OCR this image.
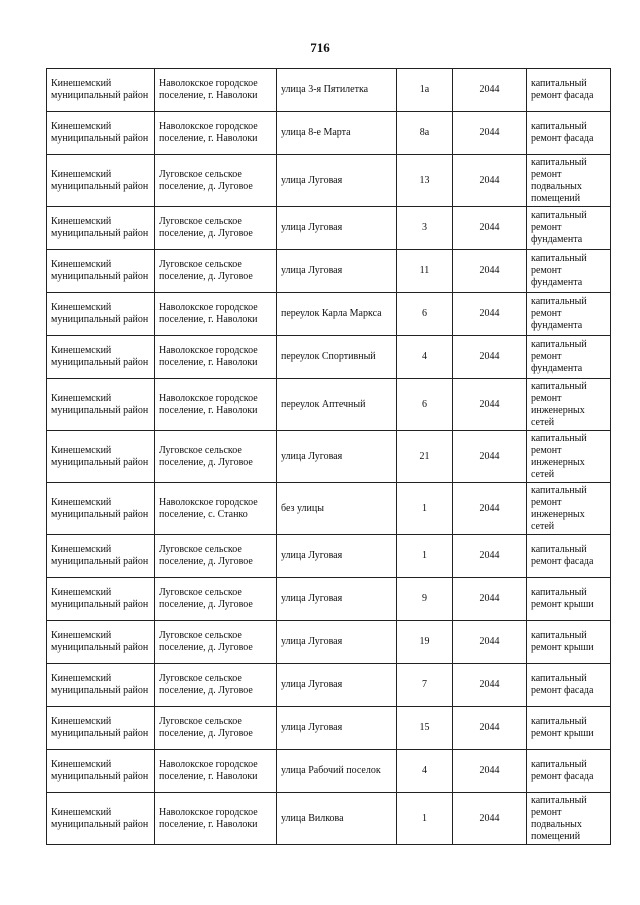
716
Кинешемский муниципальный район	Наволокское городское поселение, г. Наволоки	улица 3-я Пятилетка	1а	2044	капитальный ремонт фасада
Кинешемский муниципальный район	Наволокское городское поселение, г. Наволоки	улица 8-е Марта	8а	2044	капитальный ремонт фасада
Кинешемский муниципальный район	Луговское сельское поселение, д. Луговое	улица Луговая	13	2044	капитальный ремонт подвальных помещений
Кинешемский муниципальный район	Луговское сельское поселение, д. Луговое	улица Луговая	3	2044	капитальный ремонт фундамента
Кинешемский муниципальный район	Луговское сельское поселение, д. Луговое	улица Луговая	11	2044	капитальный ремонт фундамента
Кинешемский муниципальный район	Наволокское городское поселение, г. Наволоки	переулок Карла Маркса	6	2044	капитальный ремонт фундамента
Кинешемский муниципальный район	Наволокское городское поселение, г. Наволоки	переулок Спортивный	4	2044	капитальный ремонт фундамента
Кинешемский муниципальный район	Наволокское городское поселение, г. Наволоки	переулок Аптечный	6	2044	капитальный ремонт инженерных сетей
Кинешемский муниципальный район	Луговское сельское поселение, д. Луговое	улица Луговая	21	2044	капитальный ремонт инженерных сетей
Кинешемский муниципальный район	Наволокское городское поселение, с. Станко	без улицы	1	2044	капитальный ремонт инженерных сетей
Кинешемский муниципальный район	Луговское сельское поселение, д. Луговое	улица Луговая	1	2044	капитальный ремонт фасада
Кинешемский муниципальный район	Луговское сельское поселение, д. Луговое	улица Луговая	9	2044	капитальный ремонт крыши
Кинешемский муниципальный район	Луговское сельское поселение, д. Луговое	улица Луговая	19	2044	капитальный ремонт крыши
Кинешемский муниципальный район	Луговское сельское поселение, д. Луговое	улица Луговая	7	2044	капитальный ремонт фасада
Кинешемский муниципальный район	Луговское сельское поселение, д. Луговое	улица Луговая	15	2044	капитальный ремонт крыши
Кинешемский муниципальный район	Наволокское городское поселение, г. Наволоки	улица Рабочий поселок	4	2044	капитальный ремонт фасада
Кинешемский муниципальный район	Наволокское городское поселение, г. Наволоки	улица Вилкова	1	2044	капитальный ремонт подвальных помещений
